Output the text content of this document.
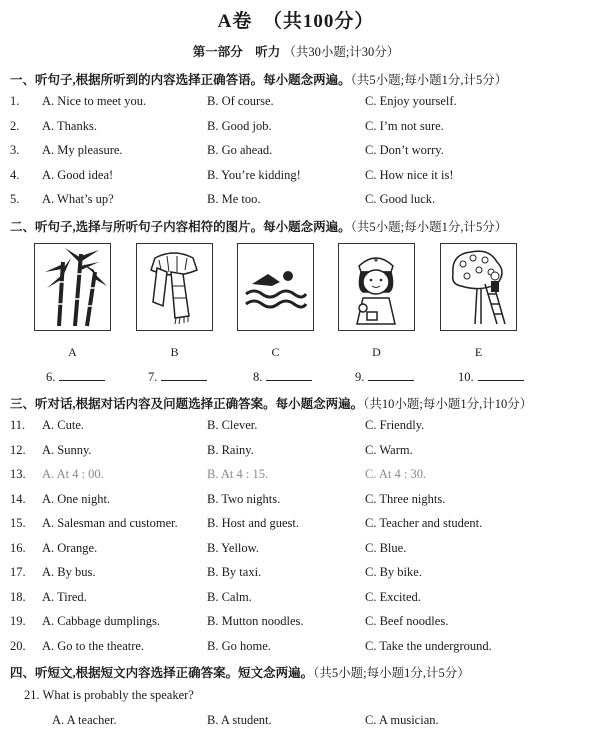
A卷　（共100分）
第一部分　听力 （共30小题;计30分）
一、听句子,根据所听到的内容选择正确答语。每小题念两遍。（共5小题;每小题1分,计5分）
1. A. Nice to meet you.	B. Of course.	C. Enjoy yourself.
2. A. Thanks.	B. Good job.	C. I’m not sure.
3. A. My pleasure.	B. Go ahead.	C. Don’t worry.
4. A. Good idea!	B. You’re kidding!	C. How nice it is!
5. A. What’s up?	B. Me too.	C. Good luck.
二、听句子,选择与所听句子内容相符的图片。每小题念两遍。（共5小题;每小题1分,计5分）
A	B	C	D	E
6.	7.	8.	9.	10.
三、听对话,根据对话内容及问题选择正确答案。每小题念两遍。（共10小题;每小题1分,计10分）
11. A. Cute.	B. Clever.	C. Friendly.
12. A. Sunny.	B. Rainy.	C. Warm.
13. A. At 4 : 00.	B. At 4 : 15.	C. At 4 : 30.
14. A. One night.	B. Two nights.	C. Three nights.
15. A. Salesman and customer. B. Host and guest.	C. Teacher and student.
16. A. Orange.	B. Yellow.	C. Blue.
17. A. By bus.	B. By taxi.	C. By bike.
18. A. Tired.	B. Calm.	C. Excited.
19. A. Cabbage dumplings.	B. Mutton noodles.	C. Beef noodles.
20. A. Go to the theatre.	B. Go home.	C. Take the underground.
四、听短文,根据短文内容选择正确答案。短文念两遍。（共5小题;每小题1分,计5分）
21. What is probably the speaker?
A. A teacher.	B. A student.	C. A musician.
